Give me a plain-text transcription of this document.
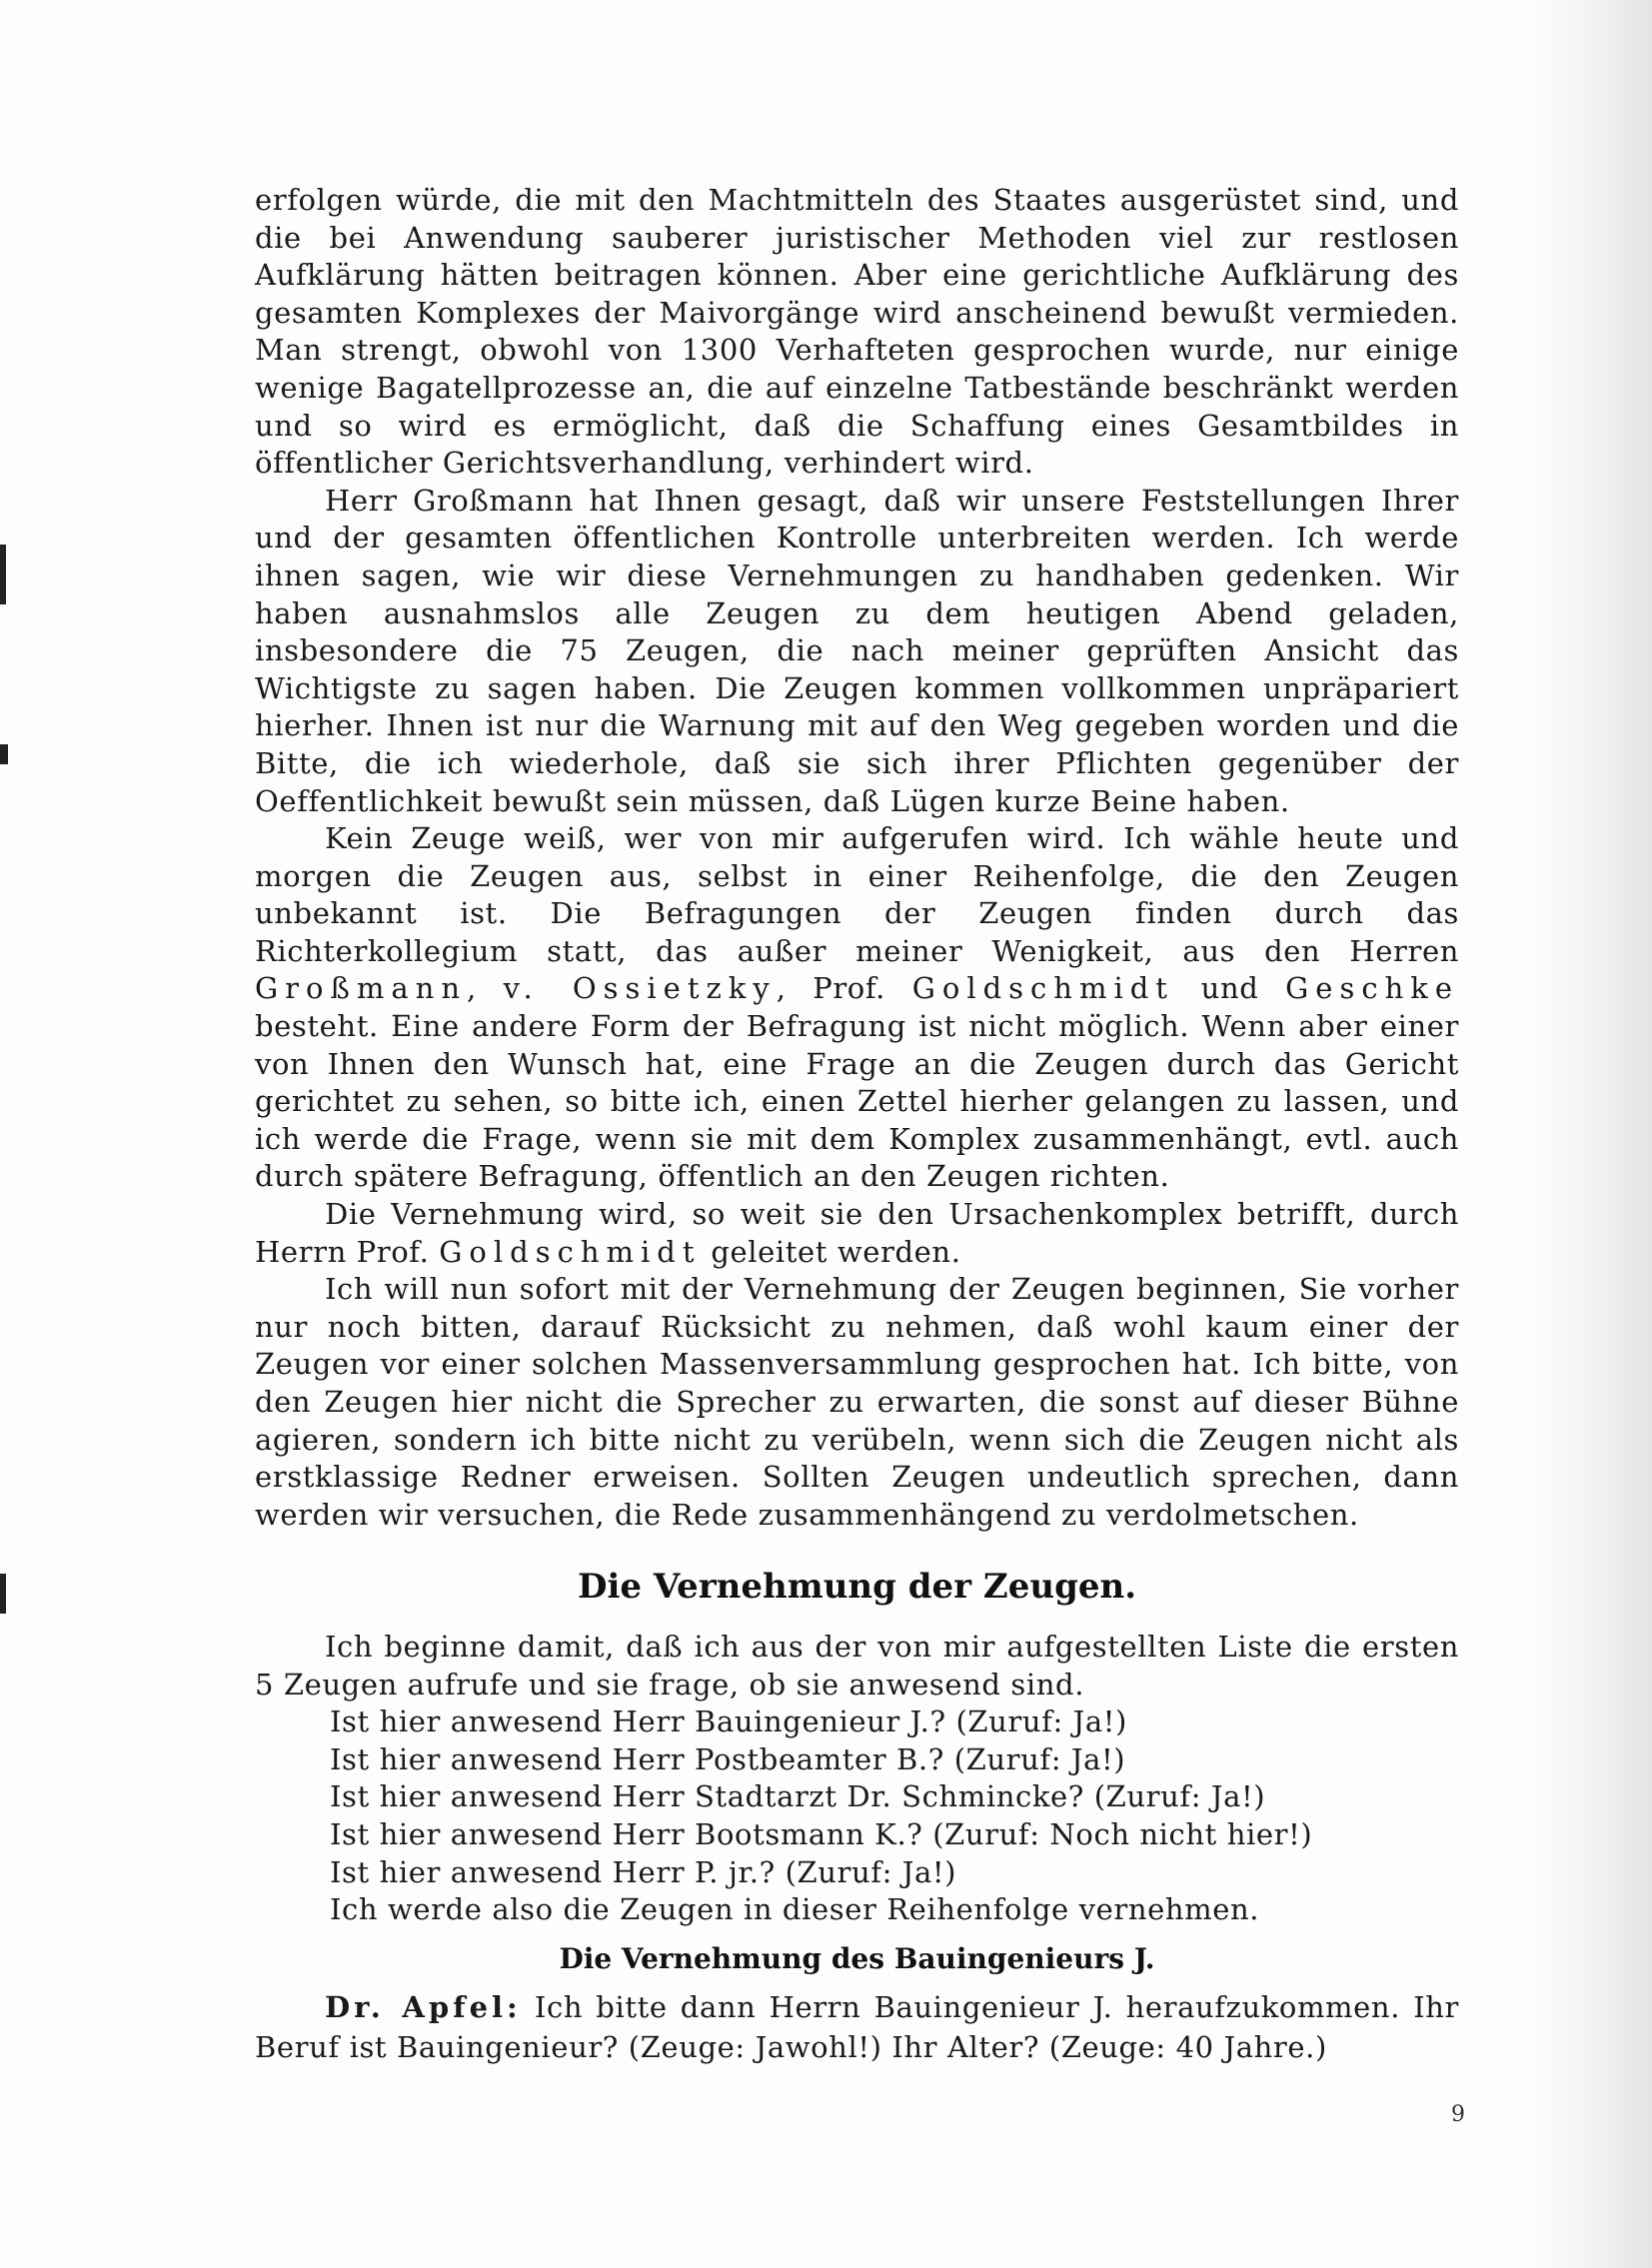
erfolgen würde, die mit den Machtmitteln des Staates ausgerüstet sind, und die bei Anwendung sauberer juristischer Methoden viel zur restlosen Aufklärung hätten beitragen können. Aber eine gerichtliche Aufklärung des gesamten Komplexes der Maivorgänge wird anscheinend bewußt vermieden. Man strengt, obwohl von 1300 Verhafteten gesprochen wurde, nur einige wenige Bagatellprozesse an, die auf einzelne Tatbestände beschränkt werden und so wird es ermöglicht, daß die Schaffung eines Gesamtbildes in öffentlicher Gerichtsverhandlung, verhindert wird.

Herr Großmann hat Ihnen gesagt, daß wir unsere Feststellungen Ihrer und der gesamten öffentlichen Kontrolle unterbreiten werden. Ich werde ihnen sagen, wie wir diese Vernehmungen zu handhaben gedenken. Wir haben ausnahmslos alle Zeugen zu dem heutigen Abend geladen, insbesondere die 75 Zeugen, die nach meiner geprüften Ansicht das Wichtigste zu sagen haben. Die Zeugen kommen vollkommen unpräpariert hierher. Ihnen ist nur die Warnung mit auf den Weg gegeben worden und die Bitte, die ich wiederhole, daß sie sich ihrer Pflichten gegenüber der Oeffentlichkeit bewußt sein müssen, daß Lügen kurze Beine haben.

Kein Zeuge weiß, wer von mir aufgerufen wird. Ich wähle heute und morgen die Zeugen aus, selbst in einer Reihenfolge, die den Zeugen unbekannt ist. Die Befragungen der Zeugen finden durch das Richterkollegium statt, das außer meiner Wenigkeit, aus den Herren Großmann, v. Ossietzky, Prof. Goldschmidt und Geschke besteht. Eine andere Form der Befragung ist nicht möglich. Wenn aber einer von Ihnen den Wunsch hat, eine Frage an die Zeugen durch das Gericht gerichtet zu sehen, so bitte ich, einen Zettel hierher gelangen zu lassen, und ich werde die Frage, wenn sie mit dem Komplex zusammenhängt, evtl. auch durch spätere Befragung, öffentlich an den Zeugen richten.

Die Vernehmung wird, so weit sie den Ursachenkomplex betrifft, durch Herrn Prof. Goldschmidt geleitet werden.

Ich will nun sofort mit der Vernehmung der Zeugen beginnen, Sie vorher nur noch bitten, darauf Rücksicht zu nehmen, daß wohl kaum einer der Zeugen vor einer solchen Massenversammlung gesprochen hat. Ich bitte, von den Zeugen hier nicht die Sprecher zu erwarten, die sonst auf dieser Bühne agieren, sondern ich bitte nicht zu verübeln, wenn sich die Zeugen nicht als erstklassige Redner erweisen. Sollten Zeugen undeutlich sprechen, dann werden wir versuchen, die Rede zusammenhängend zu verdolmetschen.

Die Vernehmung der Zeugen.

Ich beginne damit, daß ich aus der von mir aufgestellten Liste die ersten 5 Zeugen aufrufe und sie frage, ob sie anwesend sind.

Ist hier anwesend Herr Bauingenieur J.? (Zuruf: Ja!)

Ist hier anwesend Herr Postbeamter B.? (Zuruf: Ja!)

Ist hier anwesend Herr Stadtarzt Dr. Schmincke? (Zuruf: Ja!)

Ist hier anwesend Herr Bootsmann K.? (Zuruf: Noch nicht hier!)

Ist hier anwesend Herr P. jr.? (Zuruf: Ja!)

Ich werde also die Zeugen in dieser Reihenfolge vernehmen.

Die Vernehmung des Bauingenieurs J.

Dr. Apfel: Ich bitte dann Herrn Bauingenieur J. heraufzukommen. Ihr Beruf ist Bauingenieur? (Zeuge: Jawohl!) Ihr Alter? (Zeuge: 40 Jahre.)

9
